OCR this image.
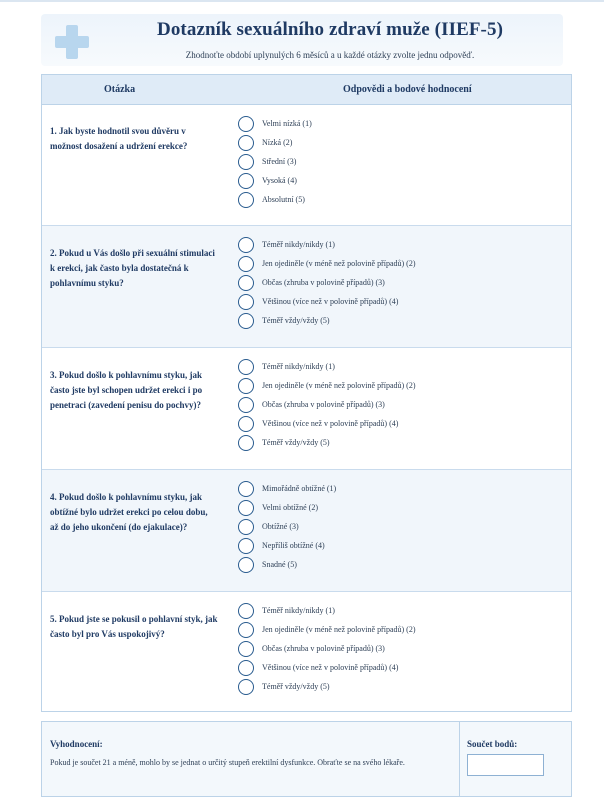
Dotazník sexuálního zdraví muže (IIEF-5)
Zhodnoťte období uplynulých 6 měsíců a u každé otázky zvolte jednu odpověď.
Otázka	Odpovědi a bodové hodnocení
1. Jak byste hodnotil svou důvěru v možnost dosažení a udržení erekce?
Velmi nízká (1)
Nízká (2)
Střední (3)
Vysoká (4)
Absolutní (5)
2. Pokud u Vás došlo při sexuální stimulaci k erekci, jak často byla dostatečná k pohlavnímu styku?
Téměř nikdy/nikdy (1)
Jen ojediněle (v méně než polovině případů) (2)
Občas (zhruba v polovině případů) (3)
Většinou (více než v polovině případů) (4)
Téměř vždy/vždy (5)
3. Pokud došlo k pohlavnímu styku, jak často jste byl schopen udržet erekci i po penetraci (zavedení penisu do pochvy)?
Téměř nikdy/nikdy (1)
Jen ojediněle (v méně než polovině případů) (2)
Občas (zhruba v polovině případů) (3)
Většinou (více než v polovině případů) (4)
Téměř vždy/vždy (5)
4. Pokud došlo k pohlavnímu styku, jak obtížné bylo udržet erekci po celou dobu, až do jeho ukončení (do ejakulace)?
Mimořádně obtížné (1)
Velmi obtížné (2)
Obtížné (3)
Nepříliš obtížné (4)
Snadné (5)
5. Pokud jste se pokusil o pohlavní styk, jak často byl pro Vás uspokojivý?
Téměř nikdy/nikdy (1)
Jen ojediněle (v méně než polovině případů) (2)
Občas (zhruba v polovině případů) (3)
Většinou (více než v polovině případů) (4)
Téměř vždy/vždy (5)
Vyhodnocení:
Pokud je součet 21 a méně, mohlo by se jednat o určitý stupeň erektilní dysfunkce. Obraťte se na svého lékaře.
Součet bodů:
